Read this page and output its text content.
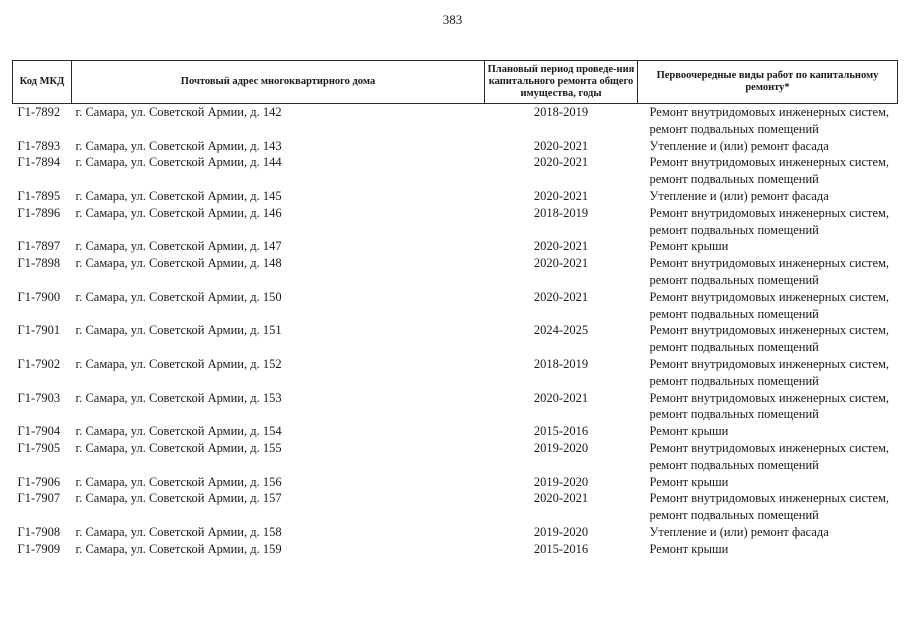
383
Код МКД	Почтовый адрес многоквартирного дома	Плановый период проведе-ния капитального ремонта общего имущества, годы	Первоочередные виды работ по капитальному ремонту*
Г1-7892	г. Самара, ул. Советской Армии, д. 142	2018-2019	Ремонт внутридомовых инженерных систем,
ремонт подвальных помещений

Г1-7893	г. Самара, ул. Советской Армии, д. 143	2020-2021	Утепление и (или) ремонт фасада

Г1-7894	г. Самара, ул. Советской Армии, д. 144	2020-2021	Ремонт внутридомовых инженерных систем,
ремонт подвальных помещений

Г1-7895	г. Самара, ул. Советской Армии, д. 145	2020-2021	Утепление и (или) ремонт фасада

Г1-7896	г. Самара, ул. Советской Армии, д. 146	2018-2019	Ремонт внутридомовых инженерных систем,
ремонт подвальных помещений

Г1-7897	г. Самара, ул. Советской Армии, д. 147	2020-2021	Ремонт крыши

Г1-7898	г. Самара, ул. Советской Армии, д. 148	2020-2021	Ремонт внутридомовых инженерных систем,
ремонт подвальных помещений

Г1-7900	г. Самара, ул. Советской Армии, д. 150	2020-2021	Ремонт внутридомовых инженерных систем,
ремонт подвальных помещений

Г1-7901	г. Самара, ул. Советской Армии, д. 151	2024-2025	Ремонт внутридомовых инженерных систем,
ремонт подвальных помещений

Г1-7902	г. Самара, ул. Советской Армии, д. 152	2018-2019	Ремонт внутридомовых инженерных систем,
ремонт подвальных помещений

Г1-7903	г. Самара, ул. Советской Армии, д. 153	2020-2021	Ремонт внутридомовых инженерных систем,
ремонт подвальных помещений

Г1-7904	г. Самара, ул. Советской Армии, д. 154	2015-2016	Ремонт крыши

Г1-7905	г. Самара, ул. Советской Армии, д. 155	2019-2020	Ремонт внутридомовых инженерных систем,
ремонт подвальных помещений

Г1-7906	г. Самара, ул. Советской Армии, д. 156	2019-2020	Ремонт крыши

Г1-7907	г. Самара, ул. Советской Армии, д. 157	2020-2021	Ремонт внутридомовых инженерных систем,
ремонт подвальных помещений

Г1-7908	г. Самара, ул. Советской Армии, д. 158	2019-2020	Утепление и (или) ремонт фасада

Г1-7909	г. Самара, ул. Советской Армии, д. 159	2015-2016	Ремонт крыши
